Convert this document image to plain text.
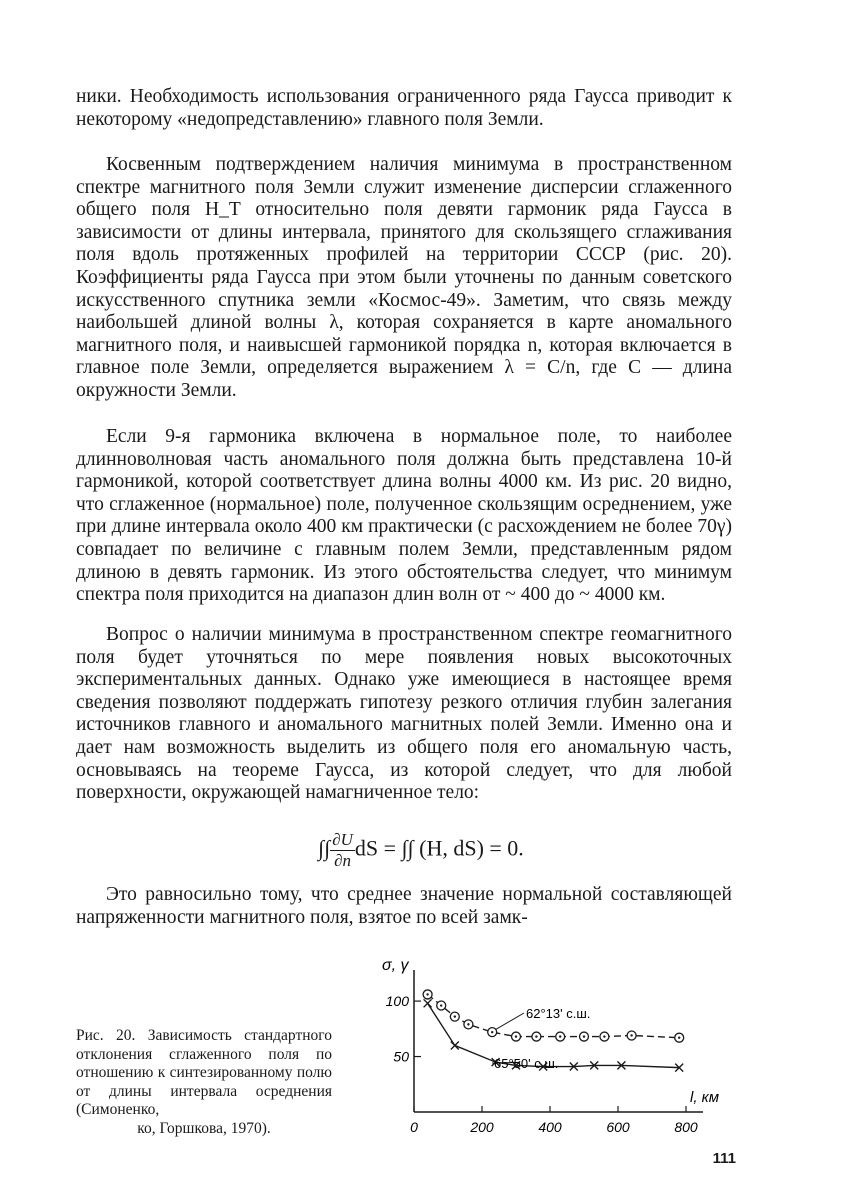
ники. Необходимость использования ограниченного ряда Гаусса приводит к некоторому «недопредставлению» главного поля Земли.
Косвенным подтверждением наличия минимума в пространственном спектре магнитного поля Земли служит изменение дисперсии сглаженного общего поля H_T относительно поля девяти гармоник ряда Гаусса в зависимости от длины интервала, принятого для скользящего сглаживания поля вдоль протяженных профилей на территории СССР (рис. 20). Коэффициенты ряда Гаусса при этом были уточнены по данным советского искусственного спутника земли «Космос-49». Заметим, что связь между наибольшей длиной волны λ, которая сохраняется в карте аномального магнитного поля, и наивысшей гармоникой порядка n, которая включается в главное поле Земли, определяется выражением λ = C/n, где C — длина окружности Земли.
Если 9-я гармоника включена в нормальное поле, то наиболее длинноволновая часть аномального поля должна быть представлена 10-й гармоникой, которой соответствует длина волны 4000 км. Из рис. 20 видно, что сглаженное (нормальное) поле, полученное скользящим осреднением, уже при длине интервала около 400 км практически (с расхождением не более 70γ) совпадает по величине с главным полем Земли, представленным рядом длиною в девять гармоник. Из этого обстоятельства следует, что минимум спектра поля приходится на диапазон длин волн от ~ 400 до ~ 4000 км.
Вопрос о наличии минимума в пространственном спектре геомагнитного поля будет уточняться по мере появления новых высокоточных экспериментальных данных. Однако уже имеющиеся в настоящее время сведения позволяют поддержать гипотезу резкого отличия глубин залегания источников главного и аномального магнитных полей Земли. Именно она и дает нам возможность выделить из общего поля его аномальную часть, основываясь на теореме Гаусса, из которой следует, что для любой поверхности, окружающей намагниченное тело:
∫∫ $\frac{\partial U}{\partial n}$ dS = ∫∫ (H, dS) = 0.
Это равносильно тому, что среднее значение нормальной составляющей напряженности магнитного поля, взятое по всей замк-
Рис. 20. Зависимость стандартного отклонения сглаженного поля по отношению к синтезированному полю от длины интервала осреднения (Симоненко,
ко, Горшкова, 1970).
σ, γ
l, км
0	200	400	600	800
100
50
62°13' с.ш.
65°50' с.ш.
111
